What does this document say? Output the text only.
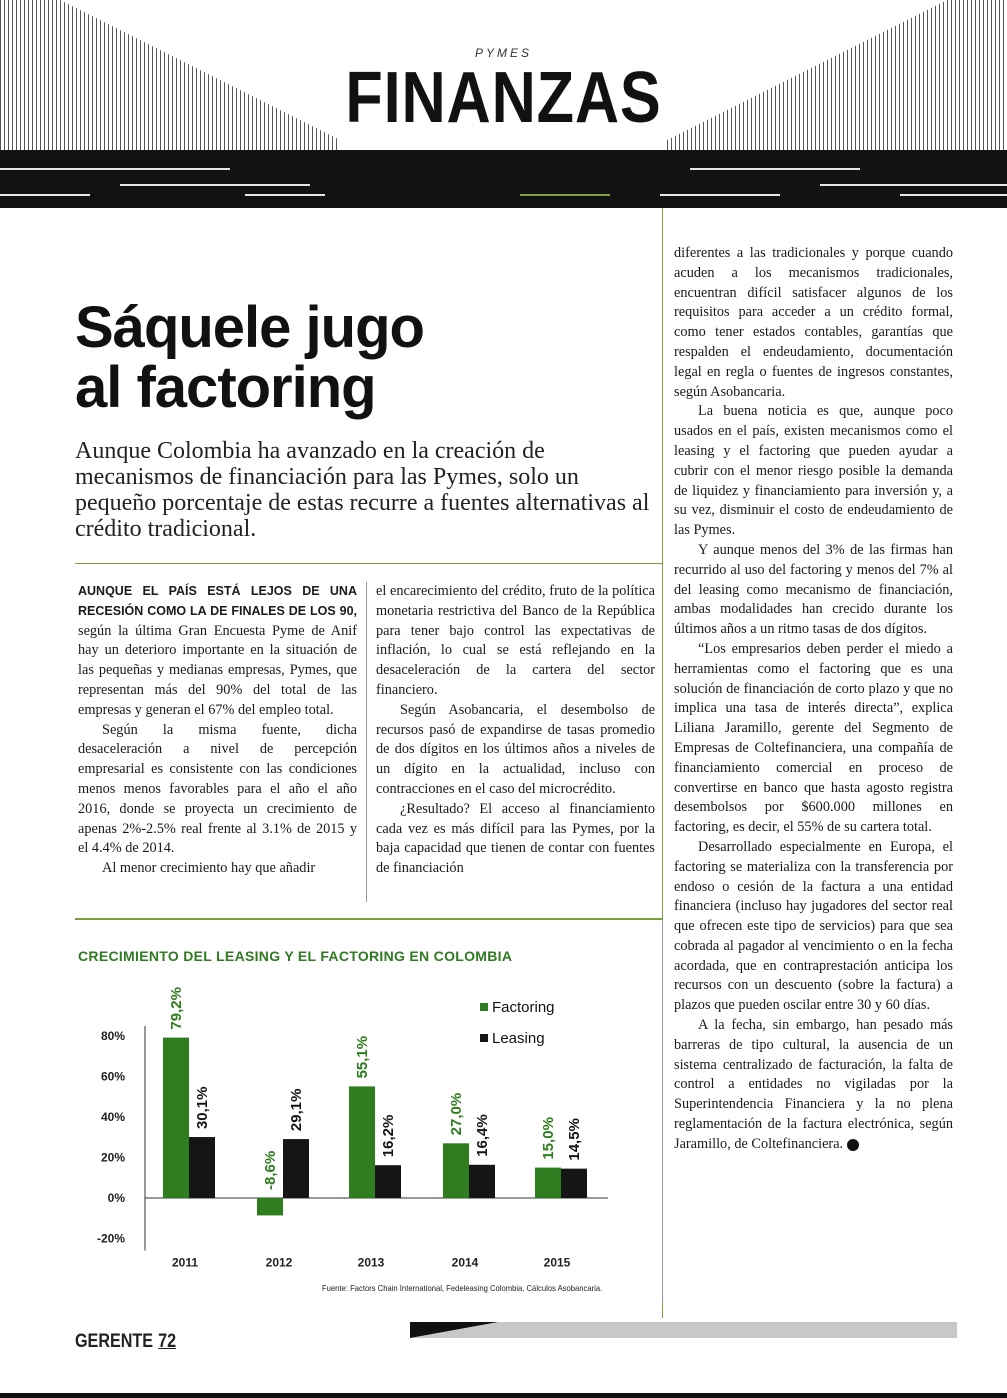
PYMES
FINANZAS
Sáquele jugo
al factoring
Aunque Colombia ha avanzado en la creación de mecanismos de financiación para las Pymes, solo un pequeño porcentaje de estas recurre a fuentes alternativas al crédito tradicional.

AUNQUE EL PAÍS ESTÁ LEJOS DE UNA RECESIÓN COMO LA DE FINALES DE LOS 90, según la última Gran Encuesta Pyme de Anif hay un deterioro importante en la situación de las pequeñas y medianas empresas, Pymes, que representan más del 90% del total de las empresas y generan el 67% del empleo total.

Según la misma fuente, dicha desaceleración a nivel de percepción empresarial es consistente con las condiciones menos menos favorables para el año el año 2016, donde se proyecta un crecimiento de apenas 2%-2.5% real frente al 3.1% de 2015 y el 4.4% de 2014.

Al menor crecimiento hay que añadir

el encarecimiento del crédito, fruto de la política monetaria restrictiva del Banco de la República para tener bajo control las expectativas de inflación, lo cual se está reflejando en la desaceleración de la cartera del sector financiero.

Según Asobancaria, el desembolso de recursos pasó de expandirse de tasas promedio de dos dígitos en los últimos años a niveles de un dígito en la actualidad, incluso con contracciones en el caso del microcrédito.

¿Resultado? El acceso al financiamiento cada vez es más difícil para las Pymes, por la baja capacidad que tienen de contar con fuentes de financiación

diferentes a las tradicionales y porque cuando acuden a los mecanismos tradicionales, encuentran difícil satisfacer algunos de los requisitos para acceder a un crédito formal, como tener estados contables, garantías que respalden el endeudamiento, documentación legal en regla o fuentes de ingresos constantes, según Asobancaria.

La buena noticia es que, aunque poco usados en el país, existen mecanismos como el leasing y el factoring que pueden ayudar a cubrir con el menor riesgo posible la demanda de liquidez y financiamiento para inversión y, a su vez, disminuir el costo de endeudamiento de las Pymes.

Y aunque menos del 3% de las firmas han recurrido al uso del factoring y menos del 7% al del leasing como mecanismo de financiación, ambas modalidades han crecido durante los últimos años a un ritmo tasas de dos dígitos.

“Los empresarios deben perder el miedo a herramientas como el factoring que es una solución de financiación de corto plazo y que no implica una tasa de interés directa”, explica Liliana Jaramillo, gerente del Segmento de Empresas de Coltefinanciera, una compañía de financiamiento comercial en proceso de convertirse en banco que hasta agosto registra desembolsos por $600.000 millones en factoring, es decir, el 55% de su cartera total.

Desarrollado especialmente en Europa, el factoring se materializa con la transferencia por endoso o cesión de la factura a una entidad financiera (incluso hay jugadores del sector real que ofrecen este tipo de servicios) para que sea cobrada al pagador al vencimiento o en la fecha acordada, que en contraprestación anticipa los recursos con un descuento (sobre la factura) a plazos que pueden oscilar entre 30 y 60 días.

A la fecha, sin embargo, han pesado más barreras de tipo cultural, la ausencia de un sistema centralizado de facturación, la falta de control a entidades no vigiladas por la Superintendencia Financiera y la no plena reglamentación de la factura electrónica, según Jaramillo, de Coltefinanciera.	G

CRECIMIENTO DEL LEASING Y EL FACTORING EN COLOMBIA
80%
60%
40%
20%
0%
-20%
79,2%
30,1%
2011
-8,6%
29,1%
2012
55,1%
16,2%
2013
27,0%
16,4%
2014
15,0% 14,5%
2015
Factoring
Leasing
Fuente: Factors Chain International, Fedeleasing Colombia, Cálculos Asobancaria.
GERENTE 72
